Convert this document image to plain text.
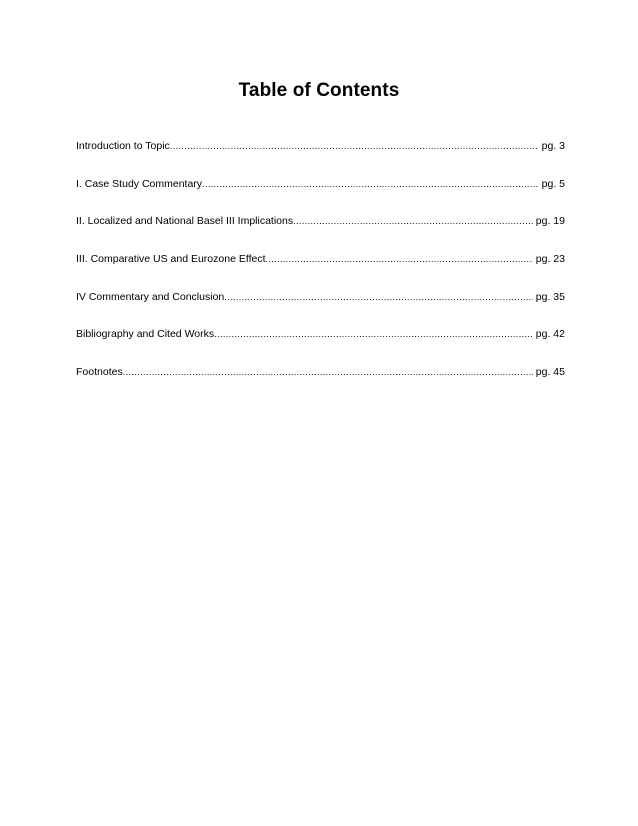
Table of Contents
Introduction to Topic .....	pg. 3
I. Case Study Commentary .....	pg. 5
II. Localized and National Basel III Implications .....	pg. 19
III. Comparative US and Eurozone Effect .....	pg. 23
IV Commentary and Conclusion .....	pg. 35
Bibliography and Cited Works .....	pg. 42
Footnotes .....	pg. 45
